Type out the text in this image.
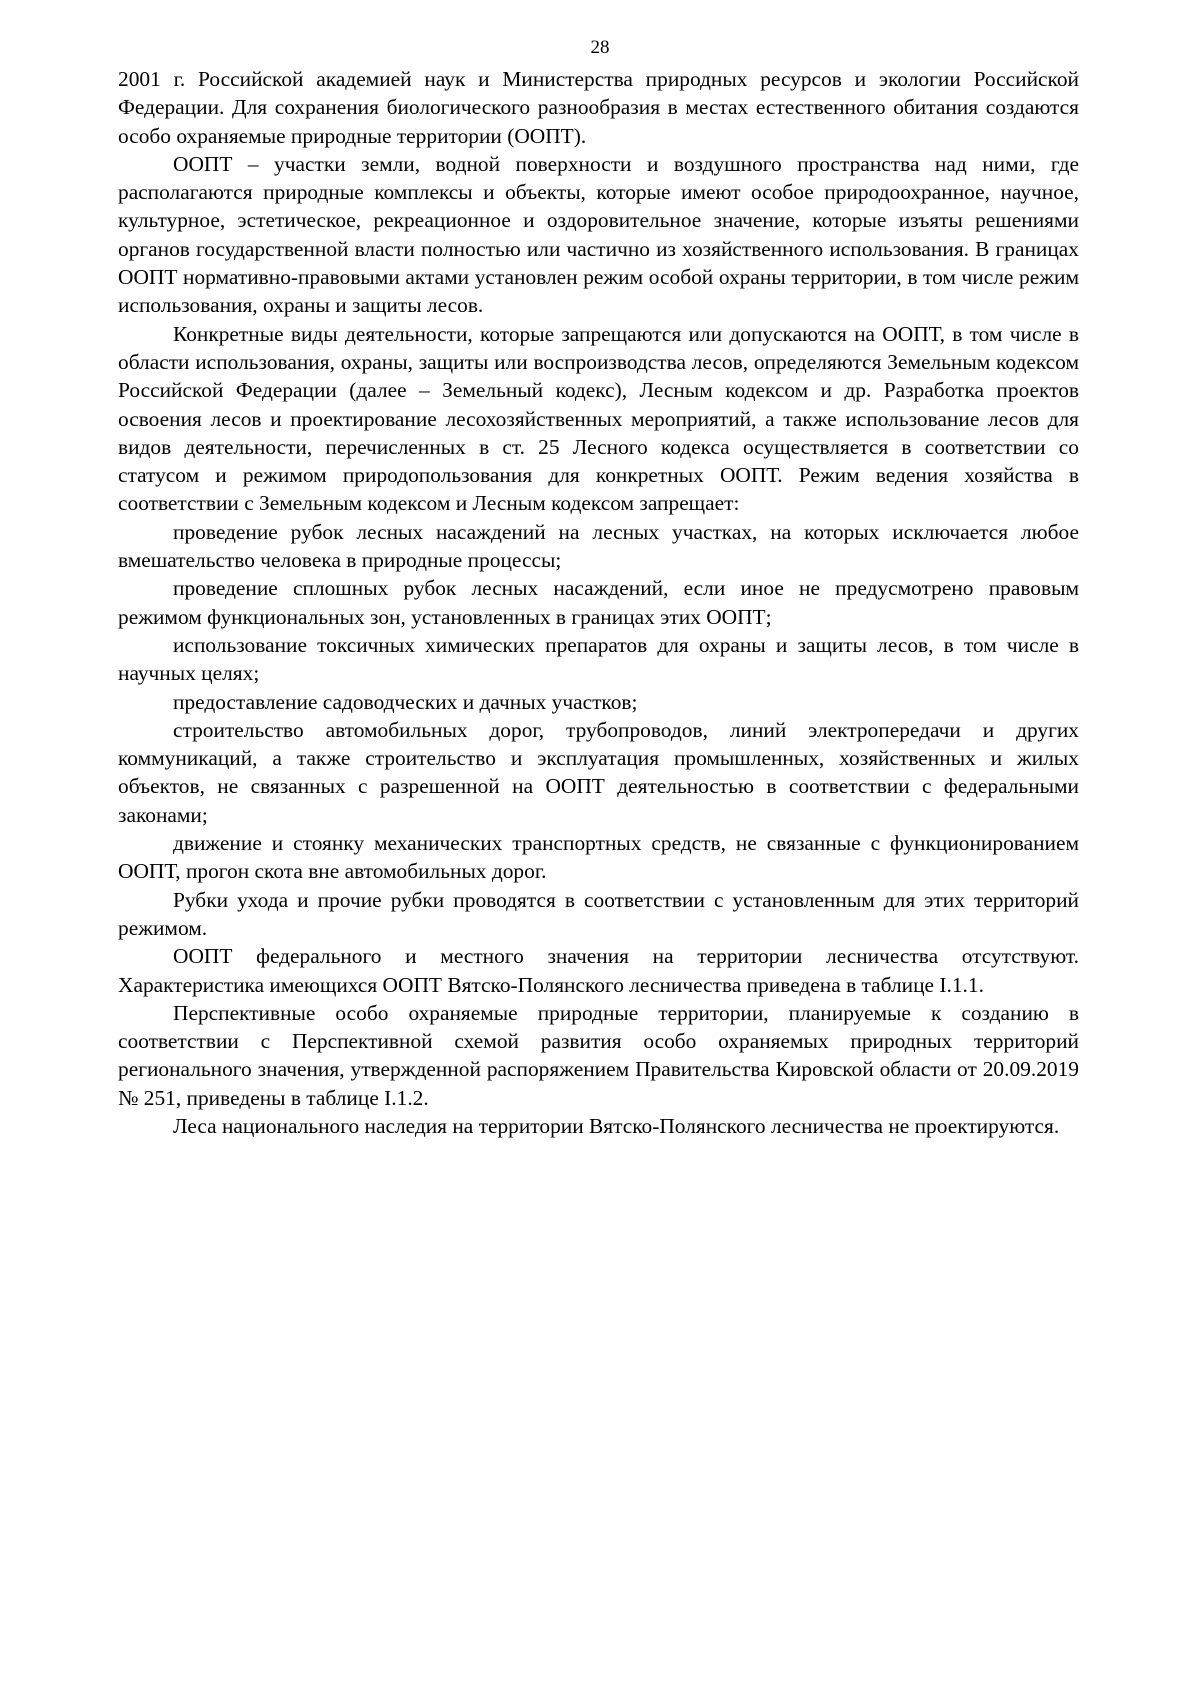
28

2001 г. Российской академией наук и Министерства природных ресурсов и экологии Российской Федерации. Для сохранения биологического разнообразия в местах естественного обитания создаются особо охраняемые природные территории (ООПТ).

ООПТ – участки земли, водной поверхности и воздушного пространства над ними, где располагаются природные комплексы и объекты, которые имеют особое природоохранное, научное, культурное, эстетическое, рекреационное и оздоровительное значение, которые изъяты решениями органов государственной власти полностью или частично из хозяйственного использования. В границах ООПТ нормативно-правовыми актами установлен режим особой охраны территории, в том числе режим использования, охраны и защиты лесов.

Конкретные виды деятельности, которые запрещаются или допускаются на ООПТ, в том числе в области использования, охраны, защиты или воспроизводства лесов, определяются Земельным кодексом Российской Федерации (далее – Земельный кодекс), Лесным кодексом и др. Разработка проектов освоения лесов и проектирование лесохозяйственных мероприятий, а также использование лесов для видов деятельности, перечисленных в ст. 25 Лесного кодекса осуществляется в соответствии со статусом и режимом природопользования для конкретных ООПТ. Режим ведения хозяйства в соответствии с Земельным кодексом и Лесным кодексом запрещает:

проведение рубок лесных насаждений на лесных участках, на которых исключается любое вмешательство человека в природные процессы;

проведение сплошных рубок лесных насаждений, если иное не предусмотрено правовым режимом функциональных зон, установленных в границах этих ООПТ;

использование токсичных химических препаратов для охраны и защиты лесов, в том числе в научных целях;

предоставление садоводческих и дачных участков;

строительство автомобильных дорог, трубопроводов, линий электропередачи и других коммуникаций, а также строительство и эксплуатация промышленных, хозяйственных и жилых объектов, не связанных с разрешенной на ООПТ деятельностью в соответствии с федеральными законами;

движение и стоянку механических транспортных средств, не связанные с функционированием ООПТ, прогон скота вне автомобильных дорог.

Рубки ухода и прочие рубки проводятся в соответствии с установленным для этих территорий режимом.

ООПТ федерального и местного значения на территории лесничества отсутствуют. Характеристика имеющихся ООПТ Вятско-Полянского лесничества приведена в таблице I.1.1.

Перспективные особо охраняемые природные территории, планируемые к созданию в соответствии с Перспективной схемой развития особо охраняемых природных территорий регионального значения, утвержденной распоряжением Правительства Кировской области от 20.09.2019 № 251, приведены в таблице I.1.2.

Леса национального наследия на территории Вятско-Полянского лесничества не проектируются.
